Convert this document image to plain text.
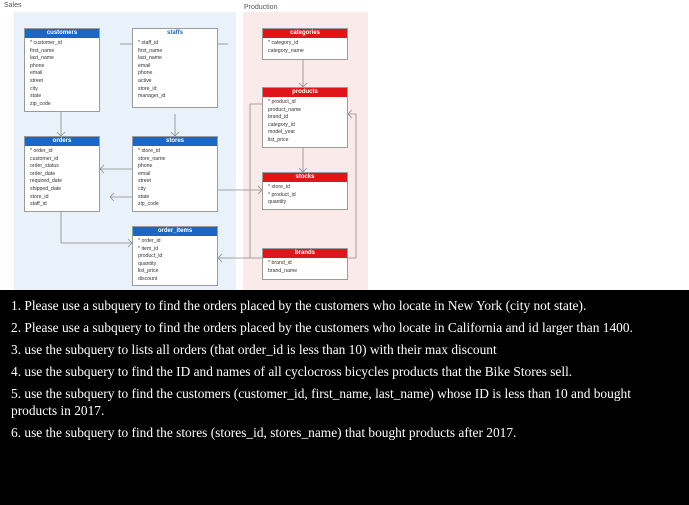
Sales	Production
customers
* customer_id
first_name
last_name
phone
email
street
city
state
zip_code
staffs
* staff_id
first_name
last_name
email
phone
active
store_id
manager_id
orders
* order_id
customer_id
order_status
order_date
required_date
shipped_date
store_id
staff_id
stores
* store_id
store_name
phone
email
street
city
state
zip_code
order_items
* order_id
* item_id
product_id
quantity
list_price
discount
categories
* category_id
category_name
products
* product_id
product_name
brand_id
category_id
model_year
list_price
stocks
* store_id
* product_id
quantity
brands
* brand_id
brand_name
1. Please use a subquery to find the orders placed by the customers who locate in New York (city not state).
2. Please use a subquery to find the orders placed by the customers who locate in California and id larger than 1400.
3. use the subquery to lists all orders (that order_id is less than 10) with their max discount
4. use the subquery to find the ID and names of all cyclocross bicycles products that the Bike Stores sell.
5. use the subquery to find the customers (customer_id, first_name, last_name) whose ID is less than 10 and bought products in 2017.
6. use the subquery to find the stores (stores_id, stores_name) that bought products after 2017.
